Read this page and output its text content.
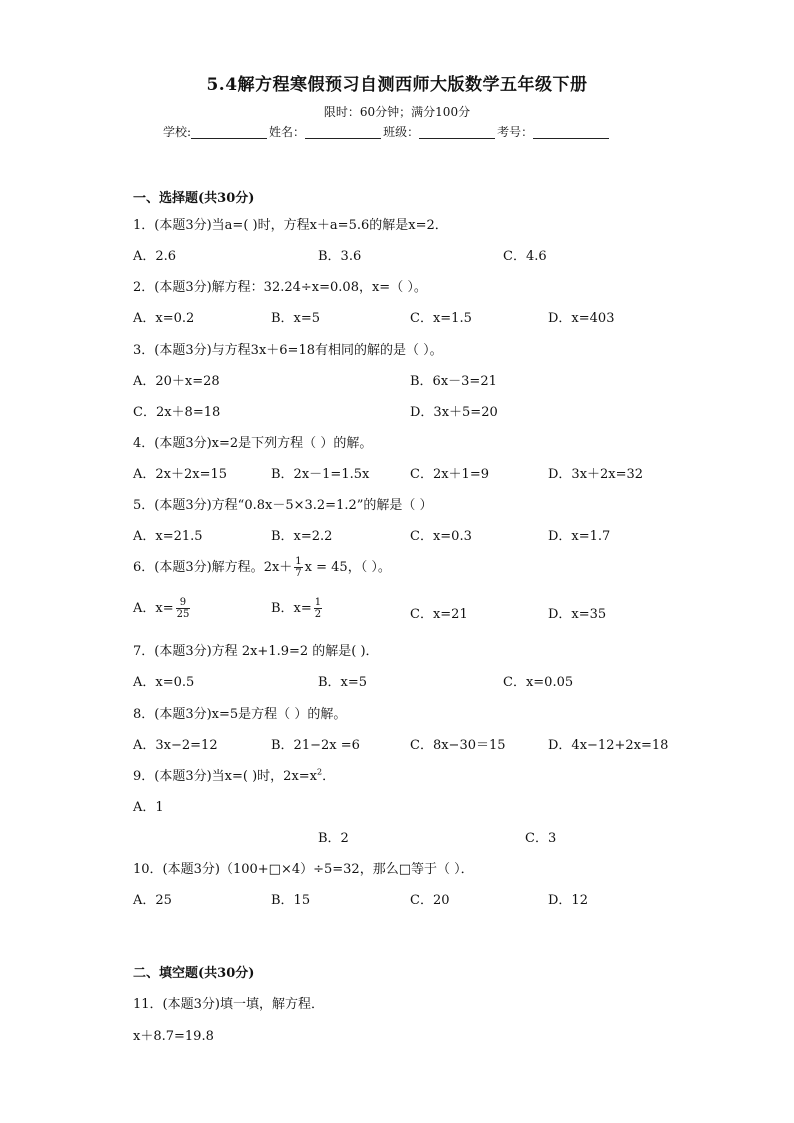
5.4解方程寒假预习自测西师大版数学五年级下册
限时：60分钟；满分100分
学校:	姓名：	班级：	考号：
一、选择题(共30分)
1．(本题3分)当a=( )时，方程x＋a=5.6的解是x=2．
A．2.6	B．3.6	C．4.6
2．(本题3分)解方程：32.24÷x=0.08，x=（ ）。
A．x=0.2	B．x=5	C．x=1.5	D．x=403
3．(本题3分)与方程3x＋6=18有相同的解的是（ ）。
A．20＋x=28	B．6x－3=21
C．2x＋8=18	D．3x＋5=20
4．(本题3分)x=2是下列方程（ ）的解。
A．2x＋2x=15	B．2x－1=1.5x	C．2x＋1=9	D．3x＋2x=32
5．(本题3分)方程“0.8x－5×3.2=1.2”的解是（ ）
A．x=21.5	B．x=2.2	C．x=0.3	D．x=1.7
6．(本题3分)解方程。$2x+ \frac{1}{7}$ x = 45，（ ）。
A．$x= \frac{9}{25}$	B．$x= \frac{1}{2}$	C．x=21	D．x=35
7．(本题3分)方程 2x+1.9=2 的解是( )．
A．x=0.5	B．x=5	C．x=0.05
8．(本题3分)x=5是方程（ ）的解。
A．3x−2=12	B．21−2x =6	C．8x−30＝15	D．4x−12+2x=18
9．(本题3分)当x=( )时，$2x=x^2$．
A．1
B．2	C．3
10．(本题3分)（100+□×4）÷5=32，那么□等于（ ）．
A．25	B．15	C．20	D．12
二、填空题(共30分)
11．(本题3分)填一填，解方程．
x＋8.7=19.8
